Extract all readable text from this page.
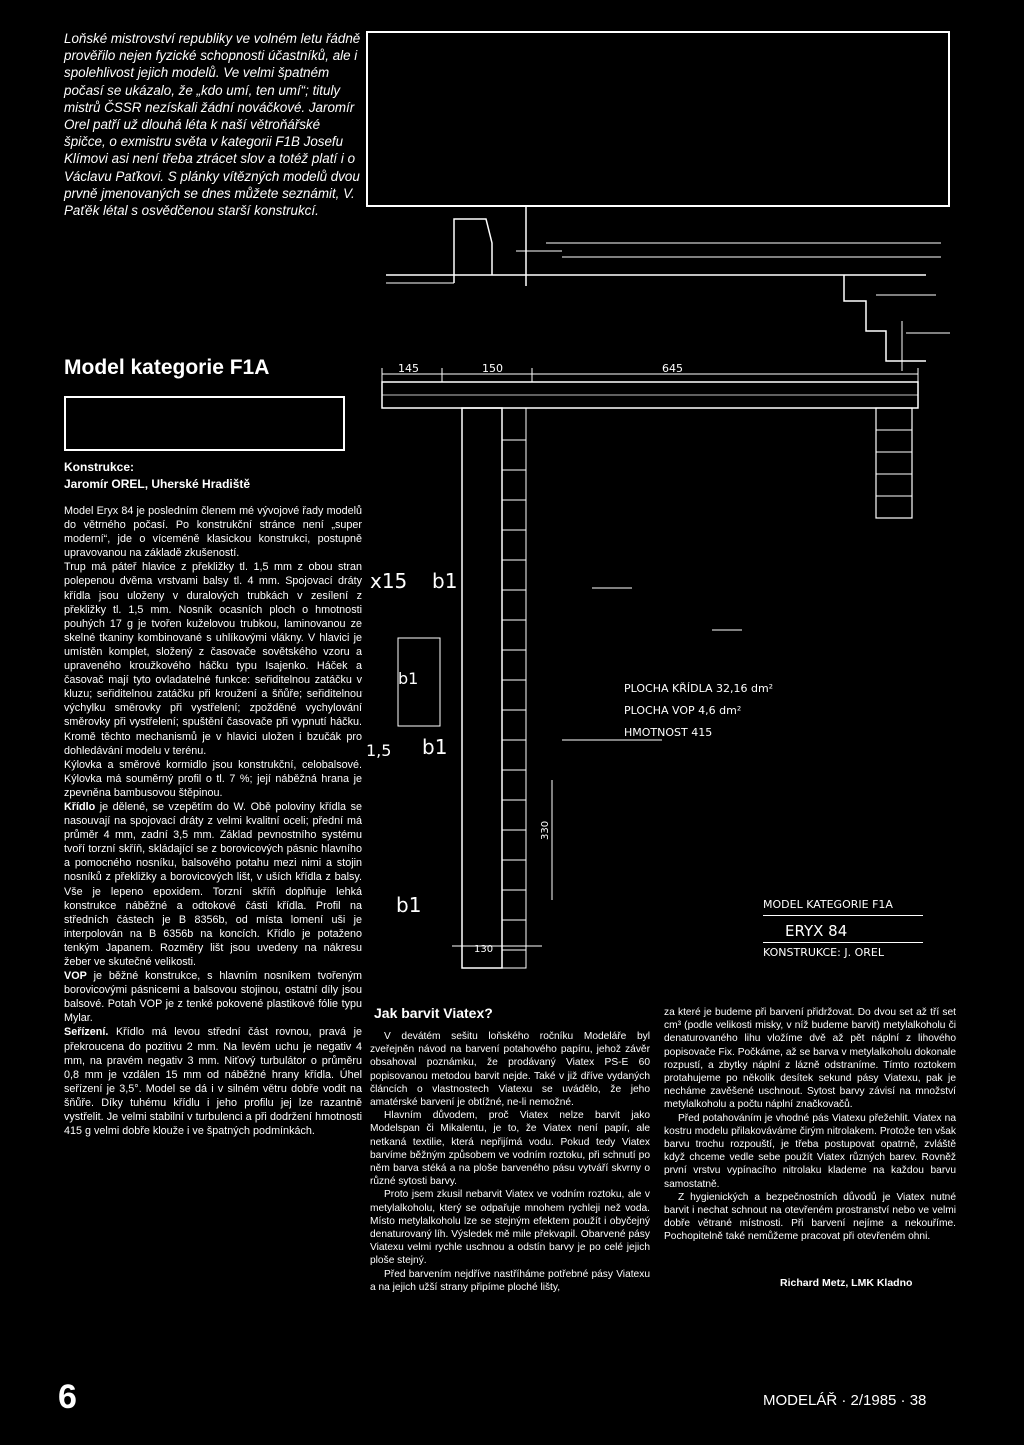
Loňské mistrovství republiky ve volném letu řádně prověřilo nejen fyzické schopnosti účastníků, ale i spolehlivost jejich modelů. Ve velmi špatném počasí se ukázalo, že „kdo umí, ten umí“; tituly mistrů ČSSR nezískali žádní nováčkové. Jaromír Orel patří už dlouhá léta k naší větroňářské špičce, o exmistru světa v kategorii F1B Josefu Klímovi asi není třeba ztrácet slov a totéž platí i o Václavu Paťkovi. S plánky vítězných modelů dvou prvně jmenovaných se dnes můžete seznámit, V. Paťěk létal s osvědčenou starší konstrukcí.
Model kategorie F1A
Konstrukce:
Jaromír OREL, Uherské Hradiště

Model Eryx 84 je posledním členem mé vývojové řady modelů do větrného počasí. Po konstrukční stránce není „super moderní“, jde o víceméně klasickou konstrukci, postupně upravovanou na základě zkušeností.

Trup má páteř hlavice z překližky tl. 1,5 mm z obou stran polepenou dvěma vrstvami balsy tl. 4 mm. Spojovací dráty křídla jsou uloženy v duralových trubkách v zesílení z překližky tl. 1,5 mm. Nosník ocasních ploch o hmotnosti pouhých 17 g je tvořen kuželovou trubkou, laminovanou ze skelné tkaniny kombinované s uhlíkovými vlákny. V hlavici je umístěn komplet, složený z časovače sovětského vzoru a upraveného kroužkového háčku typu Isajenko. Háček a časovač mají tyto ovladatelné funkce: seřiditelnou zatáčku v kluzu; seřiditelnou zatáčku při kroužení a šňůře; seřiditelnou výchylku směrovky při vystřelení; zpožděné vychylování směrovky při vystřelení; spuštění časovače při vypnutí háčku. Kromě těchto mechanismů je v hlavici uložen i bzučák pro dohledávání modelu v terénu.

Kýlovka a směrové kormidlo jsou konstrukční, celobalsové. Kýlovka má souměrný profil o tl. 7 %; její náběžná hrana je zpevněna bambusovou štěpinou.

Křídlo je dělené, se vzepětím do W. Obě poloviny křídla se nasouvají na spojovací dráty z velmi kvalitní oceli; přední má průměr 4 mm, zadní 3,5 mm. Základ pevnostního systému tvoří torzní skříň, skládající se z borovicových pásnic hlavního a pomocného nosníku, balsového potahu mezi nimi a stojin nosníků z překližky a borovicových lišt, v uších křídla z balsy. Vše je lepeno epoxidem. Torzní skříň doplňuje lehká konstrukce náběžné a odtokové části křídla. Profil na středních částech je B 8356b, od místa lomení uši je interpolován na B 6356b na koncích. Křídlo je potaženo tenkým Japanem. Rozměry lišt jsou uvedeny na nákresu žeber ve skutečné velikosti.

VOP je běžné konstrukce, s hlavním nosníkem tvořeným borovicovými pásnicemi a balsovou stojinou, ostatní díly jsou balsové. Potah VOP je z tenké pokovené plastikové fólie typu Mylar.

Seřízení. Křídlo má levou střední část rovnou, pravá je překroucena do pozitivu 2 mm. Na levém uchu je negativ 4 mm, na pravém negativ 3 mm. Niťový turbulátor o průměru 0,8 mm je vzdálen 15 mm od náběžné hrany křídla. Úhel seřízení je 3,5°. Model se dá i v silném větru dobře vodit na šňůře. Díky tuhému křídlu i jeho profilu jej lze razantně vystřelit. Je velmi stabilní v turbulenci a při dodržení hmotnosti 415 g velmi dobře klouže i ve špatných podmínkách.

145	150	645
130
330
x15 b1
b1
b1
b1
1,5
PLOCHA KŘÍDLA 32,16 dm²
PLOCHA VOP 4,6 dm²
HMOTNOST 415
MODEL KATEGORIE F1A
ERYX 84
KONSTRUKCE: J. OREL
Jak barvit Viatex?

V devátém sešitu loňského ročníku Modeláře byl zveřejněn návod na barvení potahového papíru, jehož závěr obsahoval poznámku, že prodávaný Viatex PS-E 60 popisovanou metodou barvit nejde. Také v již dříve vydaných článcích o vlastnostech Viatexu se uvádělo, že jeho amatérské barvení je obtížné, ne-li nemožné.

Hlavním důvodem, proč Viatex nelze barvit jako Modelspan či Mikalentu, je to, že Viatex není papír, ale netkaná textilie, která nepřijímá vodu. Pokud tedy Viatex barvíme běžným způsobem ve vodním roztoku, při schnutí po něm barva stéká a na ploše barveného pásu vytváří skvrny o různé sytosti barvy.

Proto jsem zkusil nebarvit Viatex ve vodním roztoku, ale v metylalkoholu, který se odpařuje mnohem rychleji než voda. Místo metylalkoholu lze se stejným efektem použít i obyčejný denaturovaný líh. Výsledek mě mile překvapil. Obarvené pásy Viatexu velmi rychle uschnou a odstín barvy je po celé jejich ploše stejný.

Před barvením nejdříve nastříháme potřebné pásy Viatexu a na jejich užší strany připíme ploché lišty,

za které je budeme při barvení přidržovat. Do dvou set až tří set cm³ (podle velikosti misky, v níž budeme barvit) metylalkoholu či denaturovaného lihu vložíme dvě až pět náplní z lihového popisovače Fix. Počkáme, až se barva v metylalkoholu dokonale rozpustí, a zbytky náplní z lázně odstraníme. Tímto roztokem protahujeme po několik desítek sekund pásy Viatexu, pak je necháme zavěšené uschnout. Sytost barvy závisí na množství metylalkoholu a počtu náplní značkovačů.

Před potahováním je vhodné pás Viatexu přežehlit. Viatex na kostru modelu přilakováváme čirým nitrolakem. Protože ten však barvu trochu rozpouští, je třeba postupovat opatrně, zvláště když chceme vedle sebe použít Viatex různých barev. Rovněž první vrstvu vypínacího nitrolaku klademe na každou barvu samostatně.

Z hygienických a bezpečnostních důvodů je Viatex nutné barvit i nechat schnout na otevřeném prostranství nebo ve velmi dobře větrané místnosti. Při barvení nejíme a nekouříme. Pochopitelně také nemůžeme pracovat při otevřeném ohni.

Richard Metz, LMK Kladno
6	MODELÁŘ · 2/1985 · 38
